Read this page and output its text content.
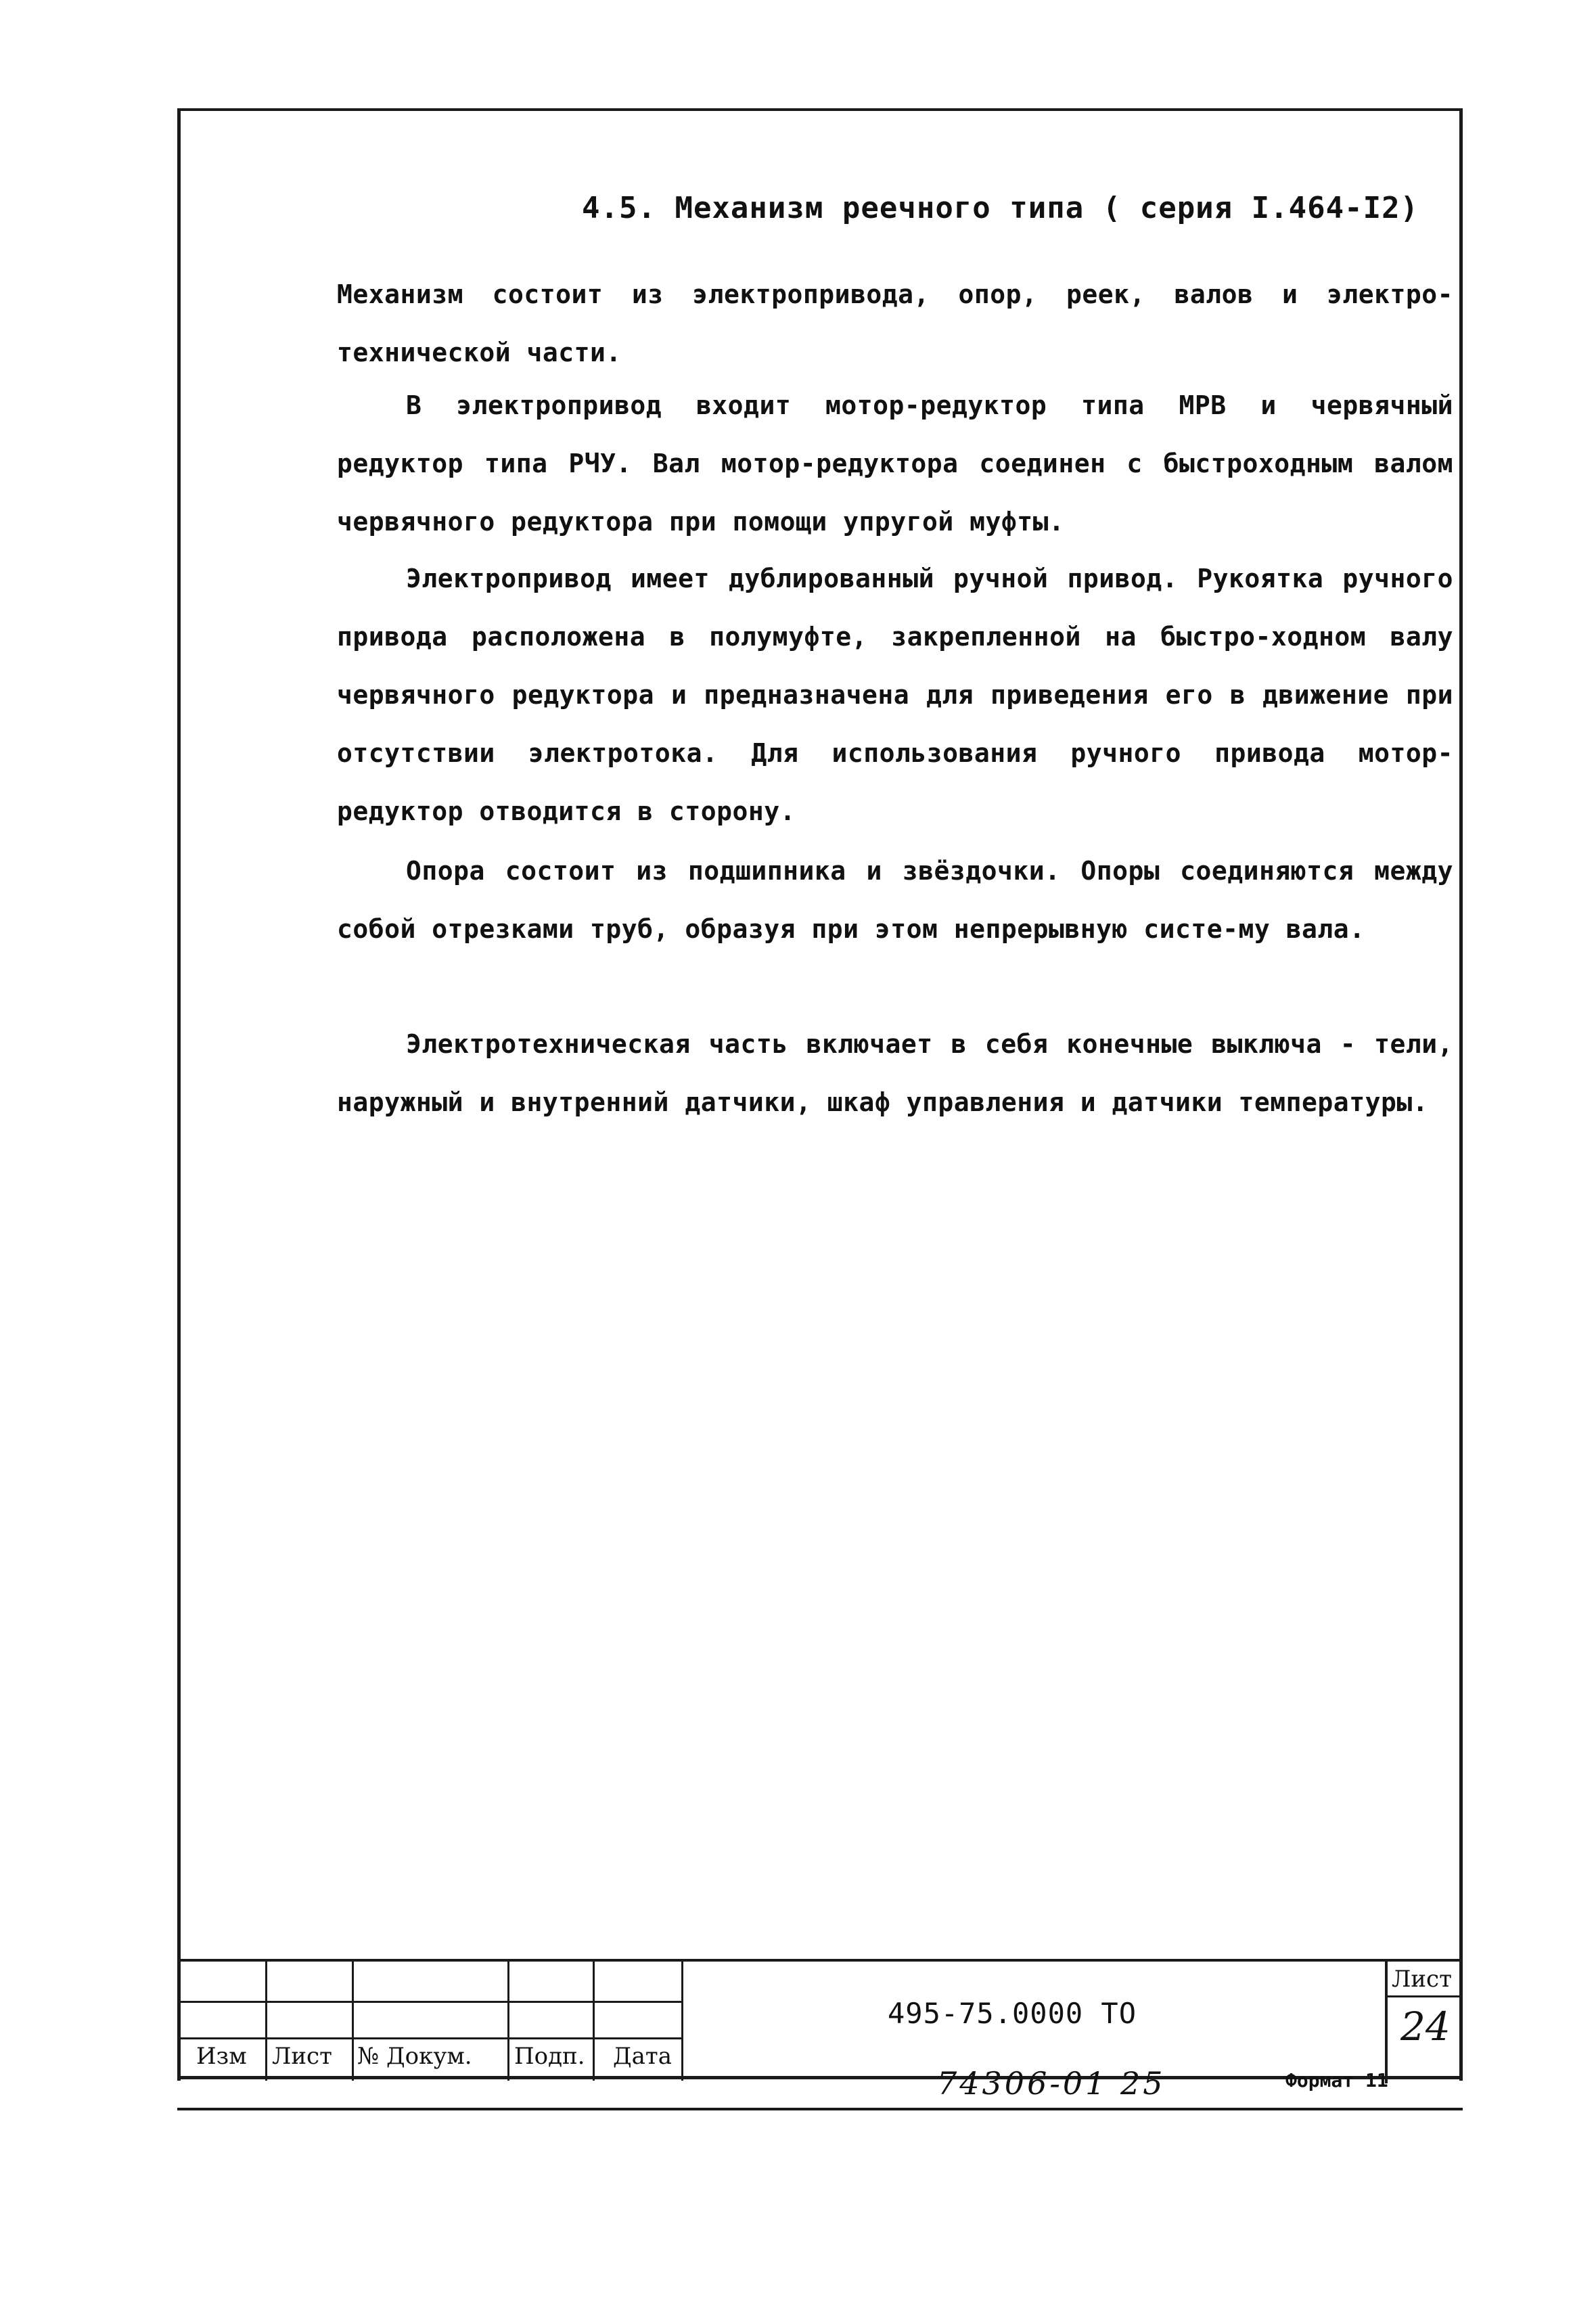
4.5. Механизм реечного типа ( серия I.464-I2)

Механизм состоит из электропривода, опор, реек, валов и электро-технической части.

В электропривод входит мотор-редуктор типа МРВ и червячный редуктор типа РЧУ. Вал мотор-редуктора соединен с быстроходным валом червячного редуктора при помощи упругой муфты.

Электропривод имеет дублированный ручной привод. Рукоятка ручного привода расположена в полумуфте, закрепленной на быстро-ходном валу червячного редуктора и предназначена для приведения его в движение при отсутствии электротока. Для использования ручного привода мотор-редуктор отводится в сторону.

Опора состоит из подшипника и звёздочки. Опоры соединяются между собой отрезками труб, образуя при этом непрерывную систе-му вала.

Электротехническая часть включает в себя конечные выключа - тели, наружный и внутренний датчики, шкаф управления и датчики температуры.

Изм Лист № Докум. Подп. Дата
495-75.0000 ТО
Лист
24
74306-01 25	Формат 11
